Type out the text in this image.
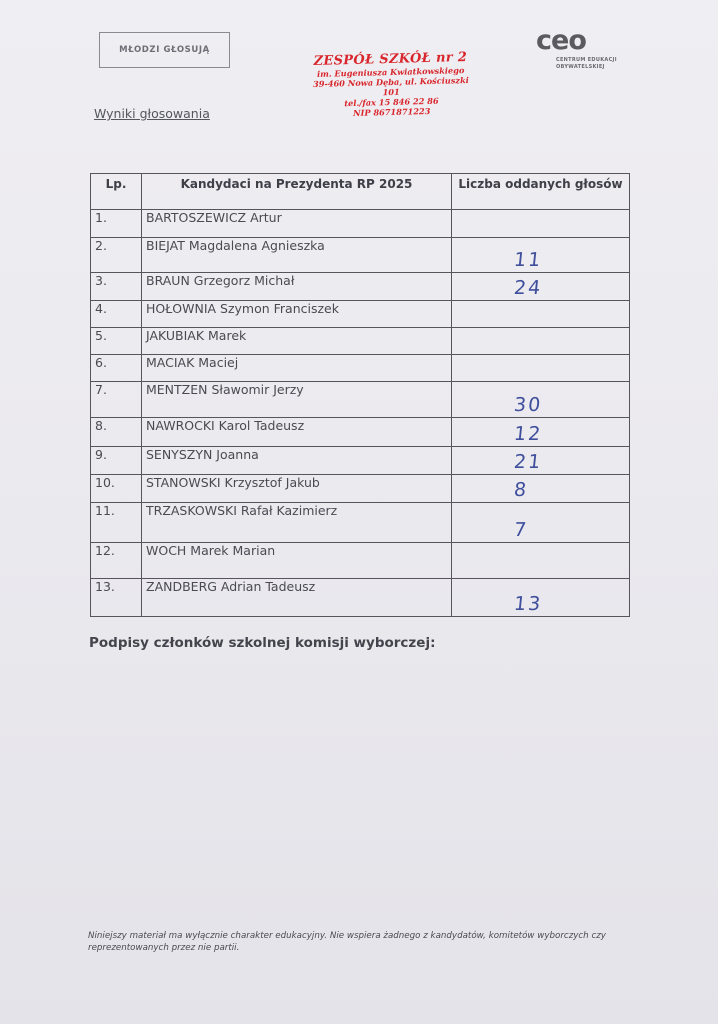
MŁODZI GŁOSUJĄ
ZESPÓŁ SZKÓŁ nr 2
im. Eugeniusza Kwiatkowskiego
39-460 Nowa Dęba, ul. Kościuszki 101
tel./fax 15 846 22 86
NIP 8671871223
ceo
CENTRUM EDUKACJI
OBYWATELSKIEJ
Wyniki głosowania
Lp.	Kandydaci na Prezydenta RP 2025	Liczba oddanych głosów
1.	BARTOSZEWICZ Artur	

2.	BIEJAT Magdalena Agnieszka	11

3.	BRAUN Grzegorz Michał	24

4.	HOŁOWNIA Szymon Franciszek	

5.	JAKUBIAK Marek	

6.	MACIAK Maciej	

7.	MENTZEN Sławomir Jerzy	30

8.	NAWROCKI Karol Tadeusz	12

9.	SENYSZYN Joanna	21

10.	STANOWSKI Krzysztof Jakub	8

11.	TRZASKOWSKI Rafał Kazimierz	7

12.	WOCH Marek Marian	

13.	ZANDBERG Adrian Tadeusz	13
Podpisy członków szkolnej komisji wyborczej:
Niniejszy materiał ma wyłącznie charakter edukacyjny. Nie wspiera żadnego z kandydatów, komitetów wyborczych czy reprezentowanych przez nie partii.
